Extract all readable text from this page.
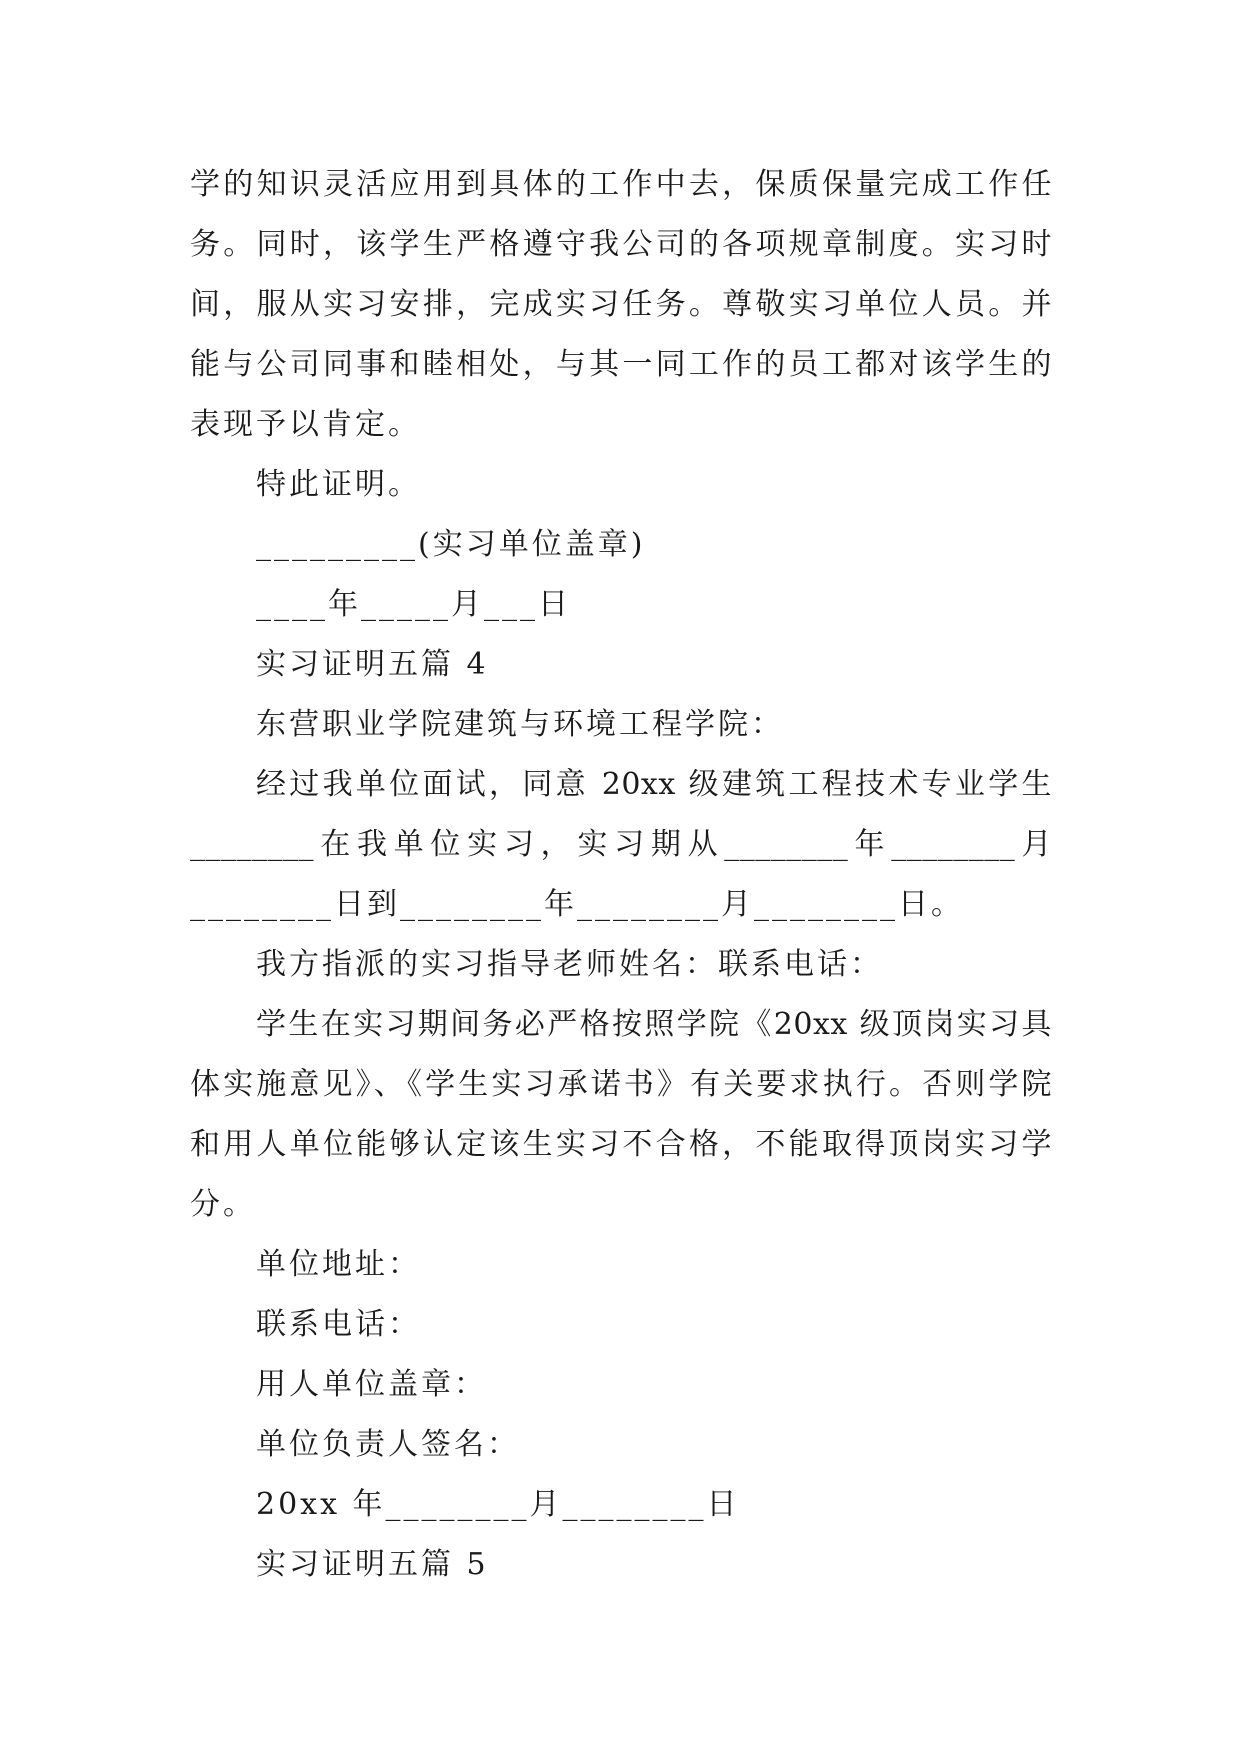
学的知识灵活应用到具体的工作中去，保质保量完成工作任
务。同时，该学生严格遵守我公司的各项规章制度。实习时
间，服从实习安排，完成实习任务。尊敬实习单位人员。并
能与公司同事和睦相处，与其一同工作的员工都对该学生的
表现予以肯定。
特此证明。
_________(实习单位盖章)
____年_____月___日
实习证明五篇 4
东营职业学院建筑与环境工程学院：
经过我单位面试，同意 20xx 级建筑工程技术专业学生
________在我单位实习，实习期从________年________月
________日到________年________月________日。
我方指派的实习指导老师姓名：联系电话：
学生在实习期间务必严格按照学院《20xx 级顶岗实习具
体实施意见》、《学生实习承诺书》有关要求执行。否则学院
和用人单位能够认定该生实习不合格，不能取得顶岗实习学
分。
单位地址：
联系电话：
用人单位盖章：
单位负责人签名：
20xx 年________月________日
实习证明五篇 5
